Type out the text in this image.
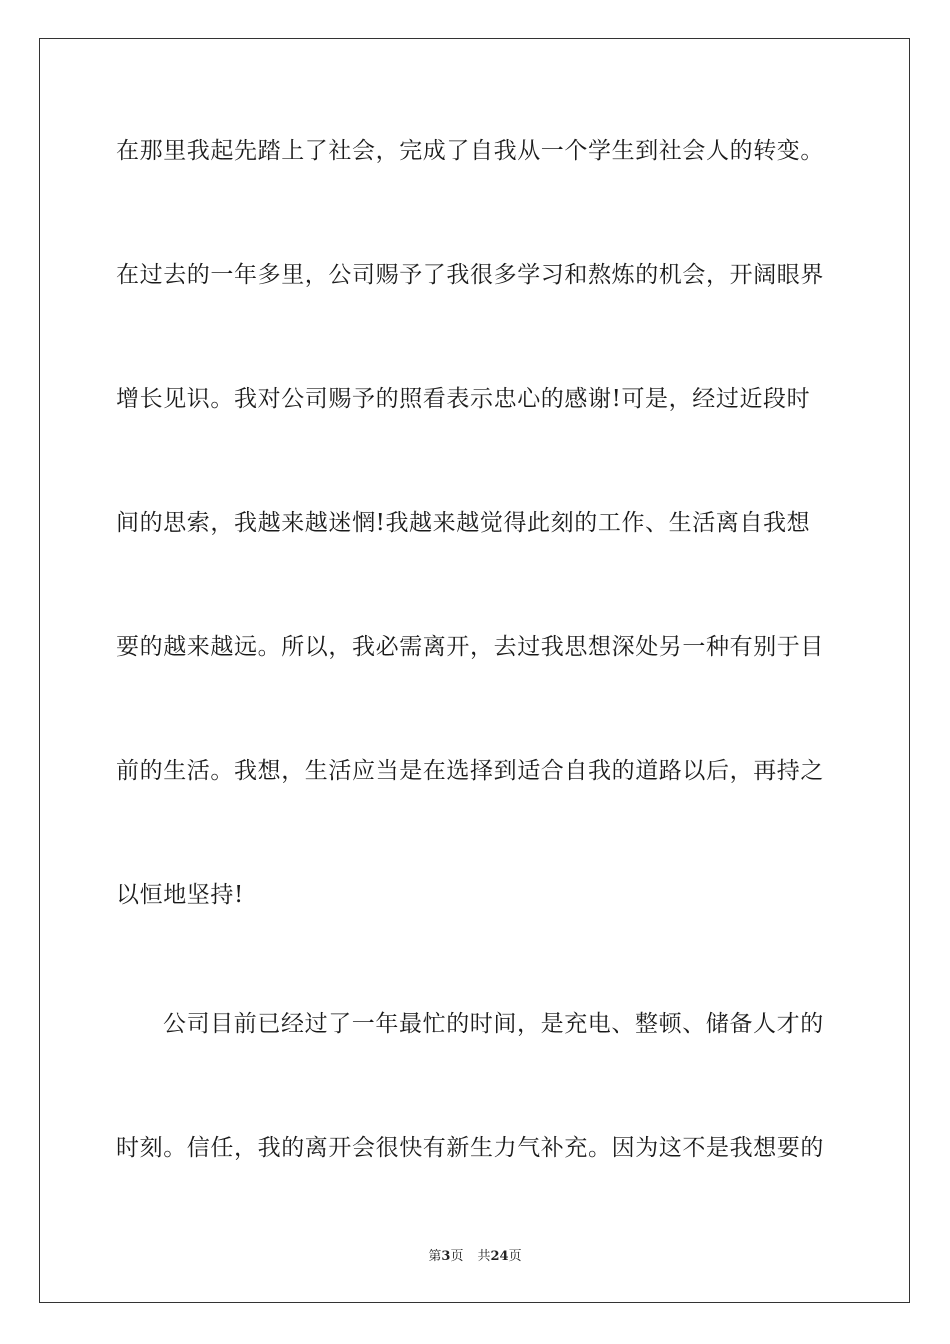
在那里我起先踏上了社会，完成了自我从一个学生到社会人的转变。
在过去的一年多里，公司赐予了我很多学习和熬炼的机会，开阔眼界
增长见识。我对公司赐予的照看表示忠心的感谢!可是，经过近段时
间的思索，我越来越迷惘!我越来越觉得此刻的工作、生活离自我想
要的越来越远。所以，我必需离开，去过我思想深处另一种有别于目
前的生活。我想，生活应当是在选择到适合自我的道路以后，再持之
以恒地坚持!
公司目前已经过了一年最忙的时间，是充电、整顿、储备人才的
时刻。信任，我的离开会很快有新生力气补充。因为这不是我想要的
第3页 共24页
